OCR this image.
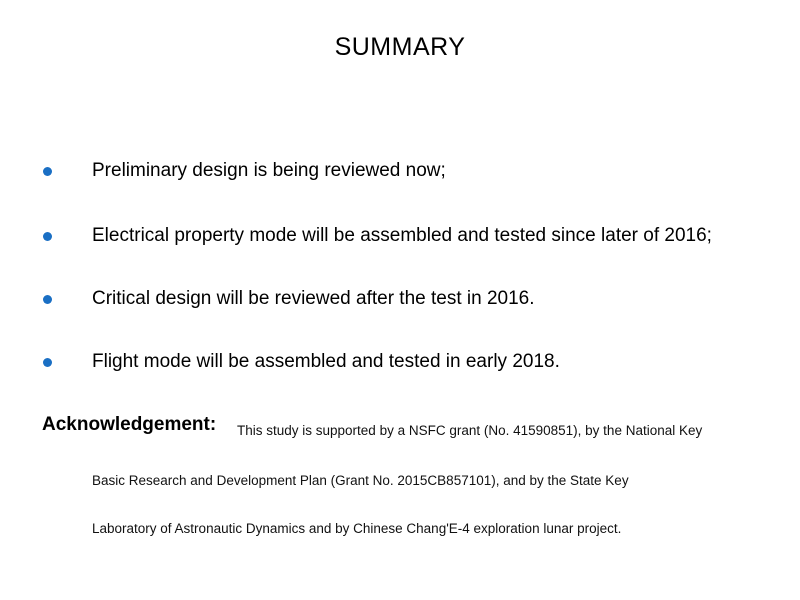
SUMMARY
Preliminary design is being reviewed now;
Electrical property mode will be assembled and tested since later of 2016;
Critical design will be reviewed after the test in 2016.
Flight mode will be assembled and tested in early 2018.
Acknowledgement: This study is supported by a NSFC grant (No. 41590851), by the National Key
Basic Research and Development Plan (Grant No. 2015CB857101), and by the State Key
Laboratory of Astronautic Dynamics and by Chinese Chang'E-4 exploration lunar project.
